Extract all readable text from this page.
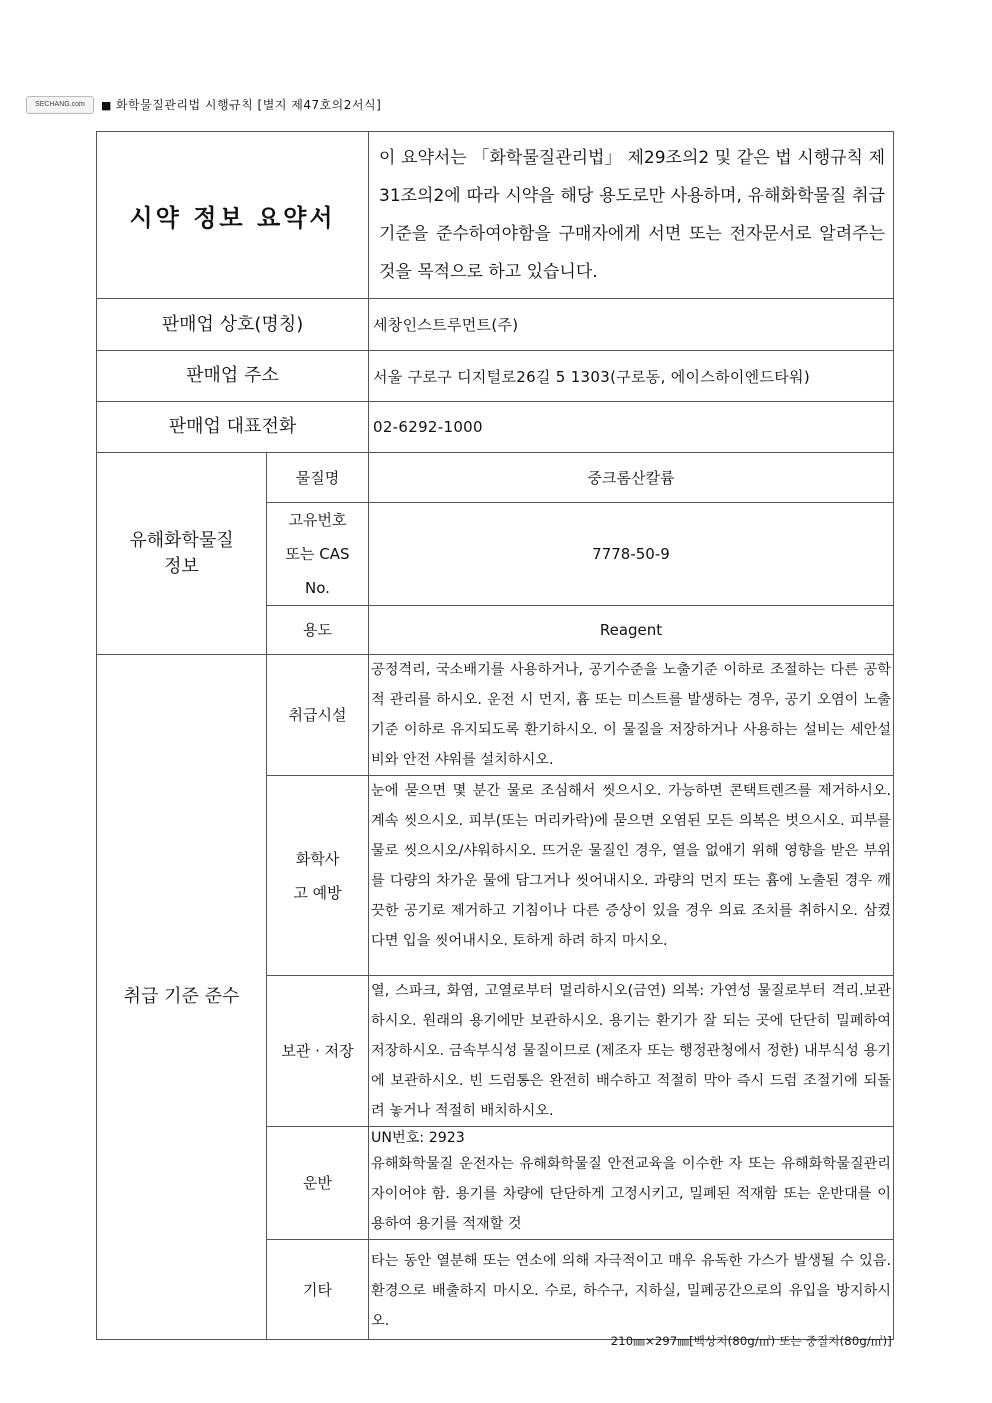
SECHANG.com	■ 화학물질관리법 시행규칙 [별지 제47호의2서식]
시약 정보 요약서		이 요약서는 「화학물질관리법」 제29조의2 및 같은 법 시행규칙 제31조의2에 따라 시약을 해당 용도로만 사용하며, 유해화학물질 취급 기준을 준수하여야함을 구매자에게 서면 또는 전자문서로 알려주는 것을 목적으로 하고 있습니다.
판매업 상호(명칭)		세창인스트루먼트(주)
판매업 주소		서울 구로구 디지털로26길 5 1303(구로동, 에이스하이엔드타워)
판매업 대표전화		02-6292-1000
유해화학물질 정보	물질명	중크롬산칼륨
	고유번호 또는 CAS No.	7778-50-9
	용도	Reagent
취급 기준 준수	취급시설	공정격리, 국소배기를 사용하거나, 공기수준을 노출기준 이하로 조절하는 다른 공학적 관리를 하시오. 운전 시 먼지, 흄 또는 미스트를 발생하는 경우, 공기 오염이 노출기준 이하로 유지되도록 환기하시오. 이 물질을 저장하거나 사용하는 설비는 세안설비와 안전 샤워를 설치하시오.
	화학사고 예방	눈에 묻으면 몇 분간 물로 조심해서 씻으시오. 가능하면 콘택트렌즈를 제거하시오. 계속 씻으시오. 피부(또는 머리카락)에 묻으면 오염된 모든 의복은 벗으시오. 피부를 물로 씻으시오/샤워하시오. 뜨거운 물질인 경우, 열을 없애기 위해 영향을 받은 부위를 다량의 차가운 물에 담그거나 씻어내시오. 과량의 먼지 또는 흄에 노출된 경우 깨끗한 공기로 제거하고 기침이나 다른 증상이 있을 경우 의료 조치를 취하시오. 삼켰다면 입을 씻어내시오. 토하게 하려 하지 마시오.
	보관 · 저장	열, 스파크, 화염, 고열로부터 멀리하시오(금연) 의복: 가연성 물질로부터 격리.보관하시오. 원래의 용기에만 보관하시오. 용기는 환기가 잘 되는 곳에 단단히 밀폐하여 저장하시오. 금속부식성 물질이므로 (제조자 또는 행정관청에서 정한) 내부식성 용기에 보관하시오. 빈 드럼통은 완전히 배수하고 적절히 막아 즉시 드럼 조절기에 되돌려 놓거나 적절히 배치하시오.
	운반	UN번호: 2923
유해화학물질 운전자는 유해화학물질 안전교육을 이수한 자 또는 유해화학물질관리자이어야 함. 용기를 차량에 단단하게 고정시키고, 밀폐된 적재함 또는 운반대를 이용하여 용기를 적재할 것

	기타	타는 동안 열분해 또는 연소에 의해 자극적이고 매우 유독한 가스가 발생될 수 있음. 환경으로 배출하지 마시오. 수로, 하수구, 지하실, 밀폐공간으로의 유입을 방지하시오.
210㎜×297㎜[백상지(80g/㎡) 또는 중질지(80g/㎡)]
